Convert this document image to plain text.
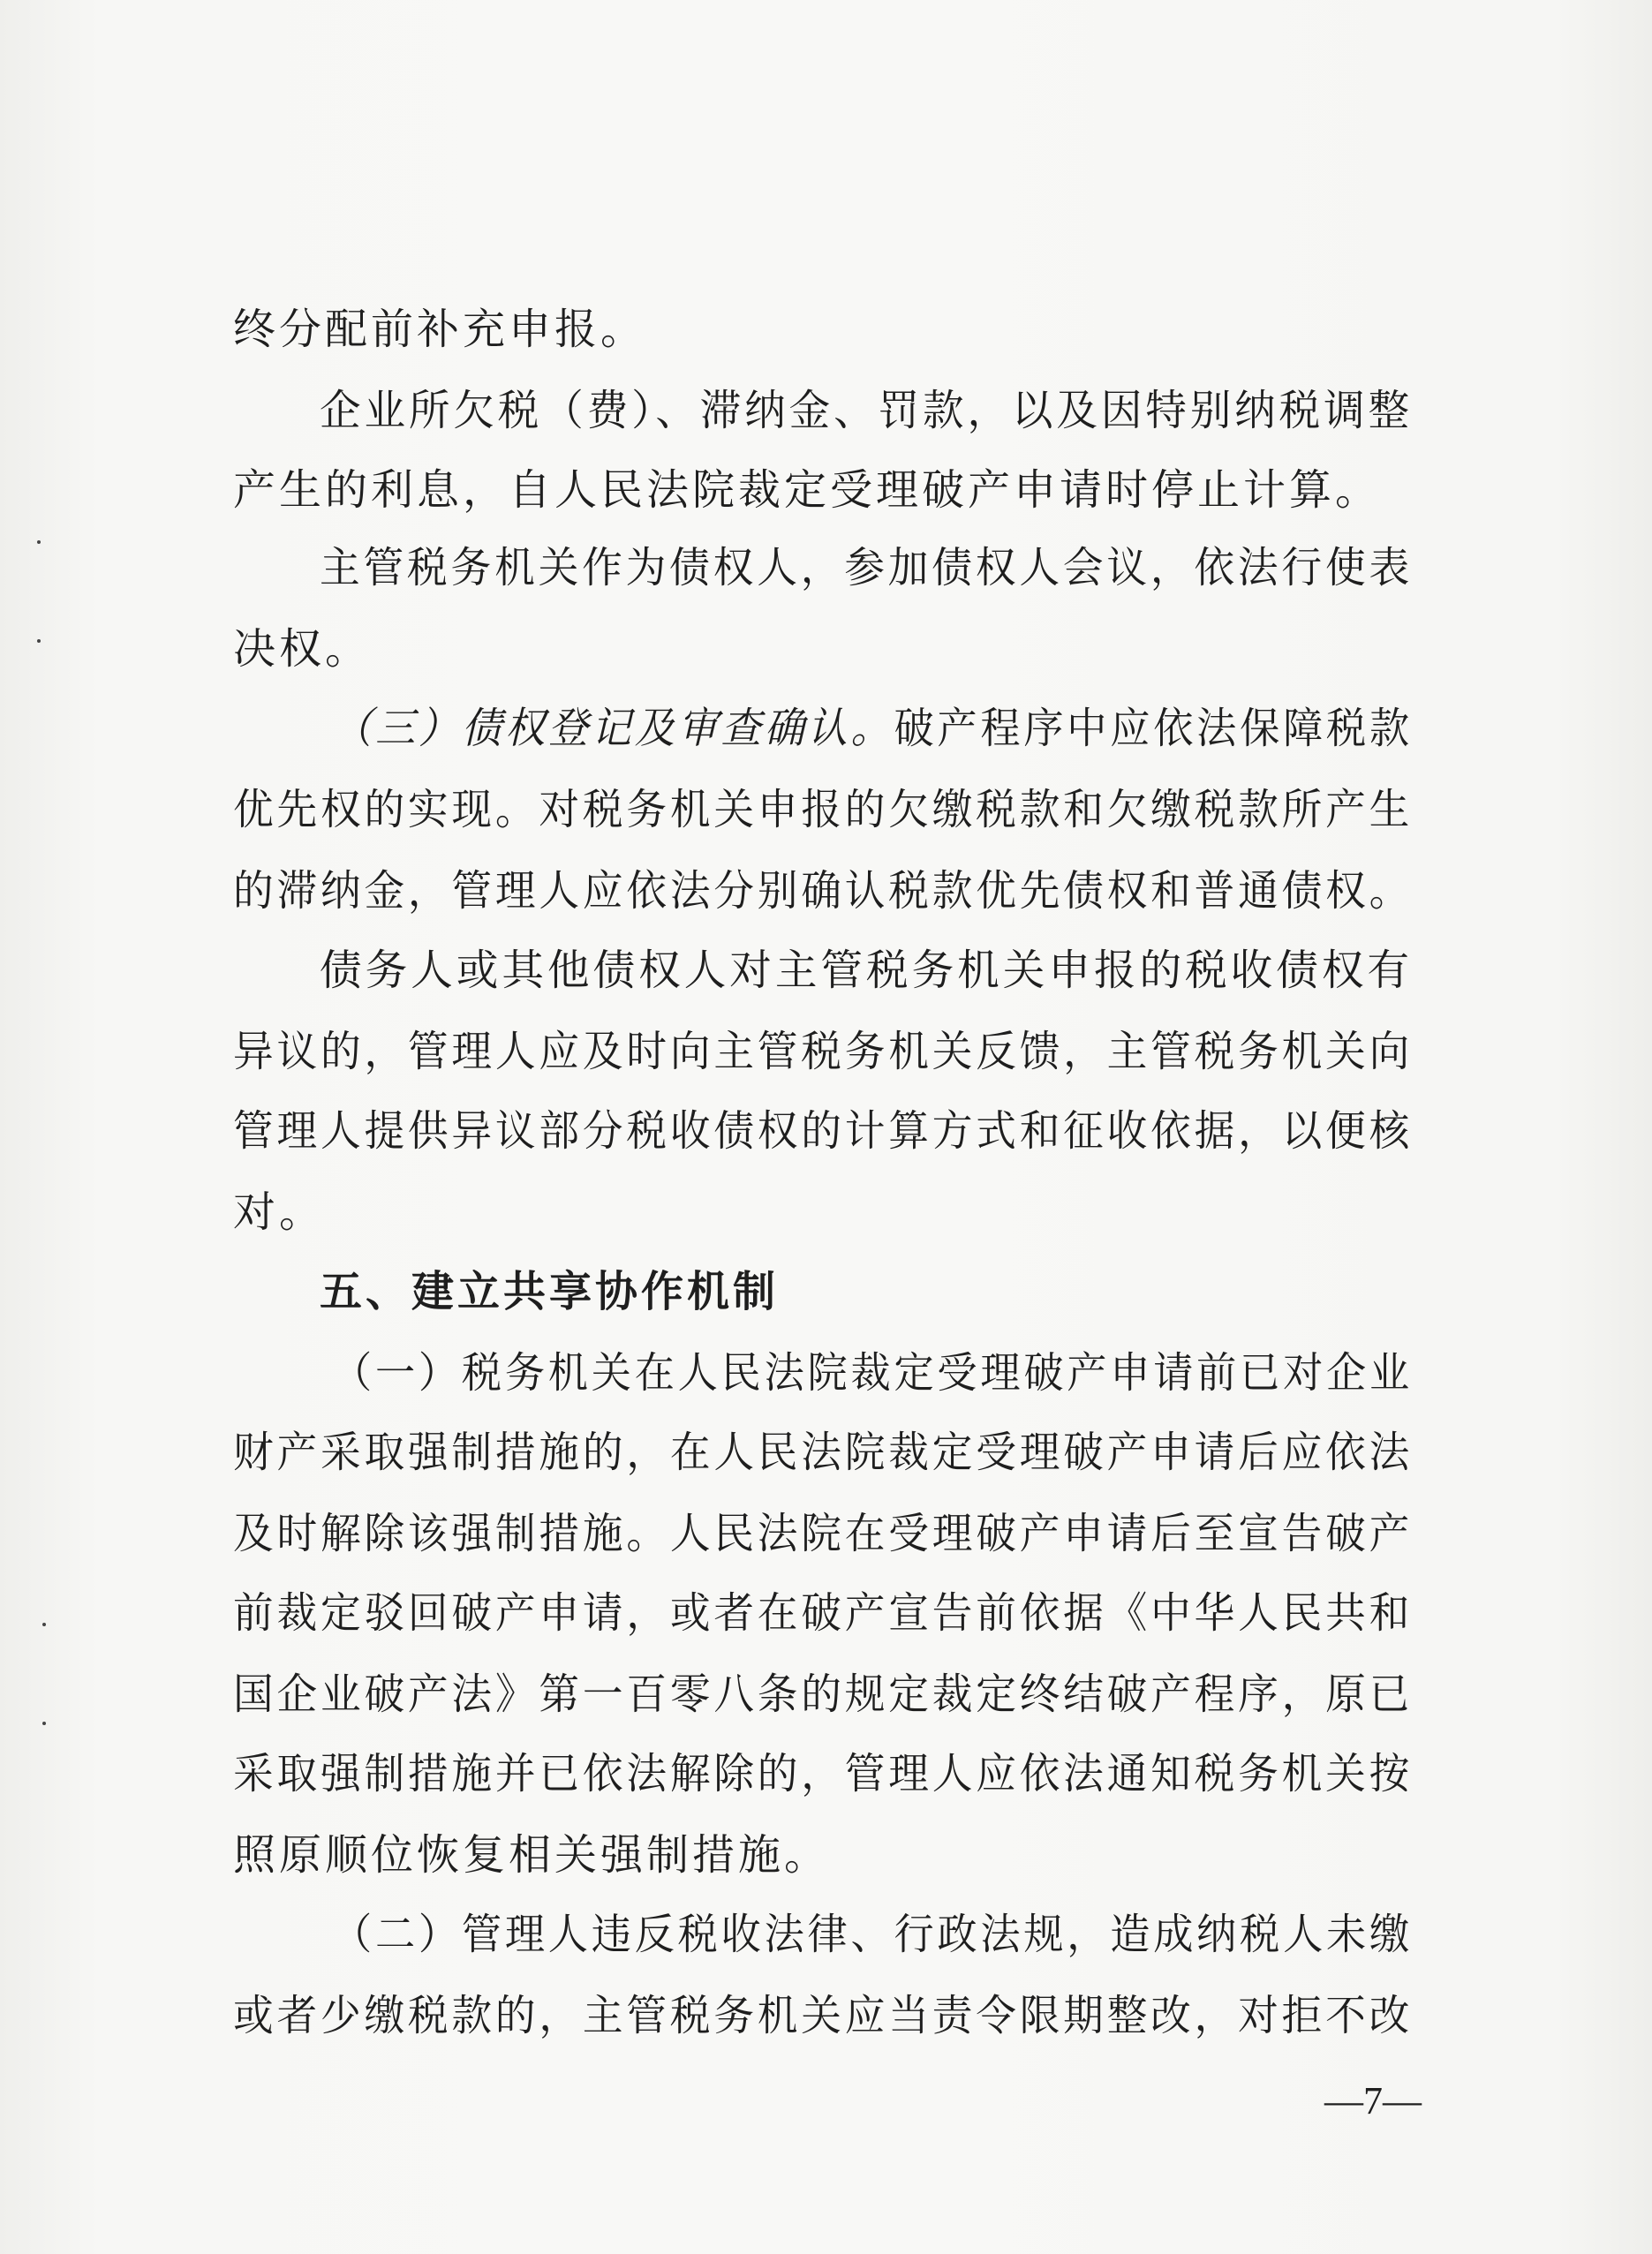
终分配前补充申报。

企业所欠税（费）、滞纳金、罚款，以及因特别纳税调整

产生的利息，自人民法院裁定受理破产申请时停止计算。

主管税务机关作为债权人，参加债权人会议，依法行使表

决权。

（三）债权登记及审查确认。破产程序中应依法保障税款

优先权的实现。对税务机关申报的欠缴税款和欠缴税款所产生

的滞纳金，管理人应依法分别确认税款优先债权和普通债权。

债务人或其他债权人对主管税务机关申报的税收债权有

异议的，管理人应及时向主管税务机关反馈，主管税务机关向

管理人提供异议部分税收债权的计算方式和征收依据，以便核

对。

五、建立共享协作机制

（一）税务机关在人民法院裁定受理破产申请前已对企业

财产采取强制措施的，在人民法院裁定受理破产申请后应依法

及时解除该强制措施。人民法院在受理破产申请后至宣告破产

前裁定驳回破产申请，或者在破产宣告前依据《中华人民共和

国企业破产法》第一百零八条的规定裁定终结破产程序，原已

采取强制措施并已依法解除的，管理人应依法通知税务机关按

照原顺位恢复相关强制措施。

（二）管理人违反税收法律、行政法规，造成纳税人未缴

或者少缴税款的，主管税务机关应当责令限期整改，对拒不改

—7—
